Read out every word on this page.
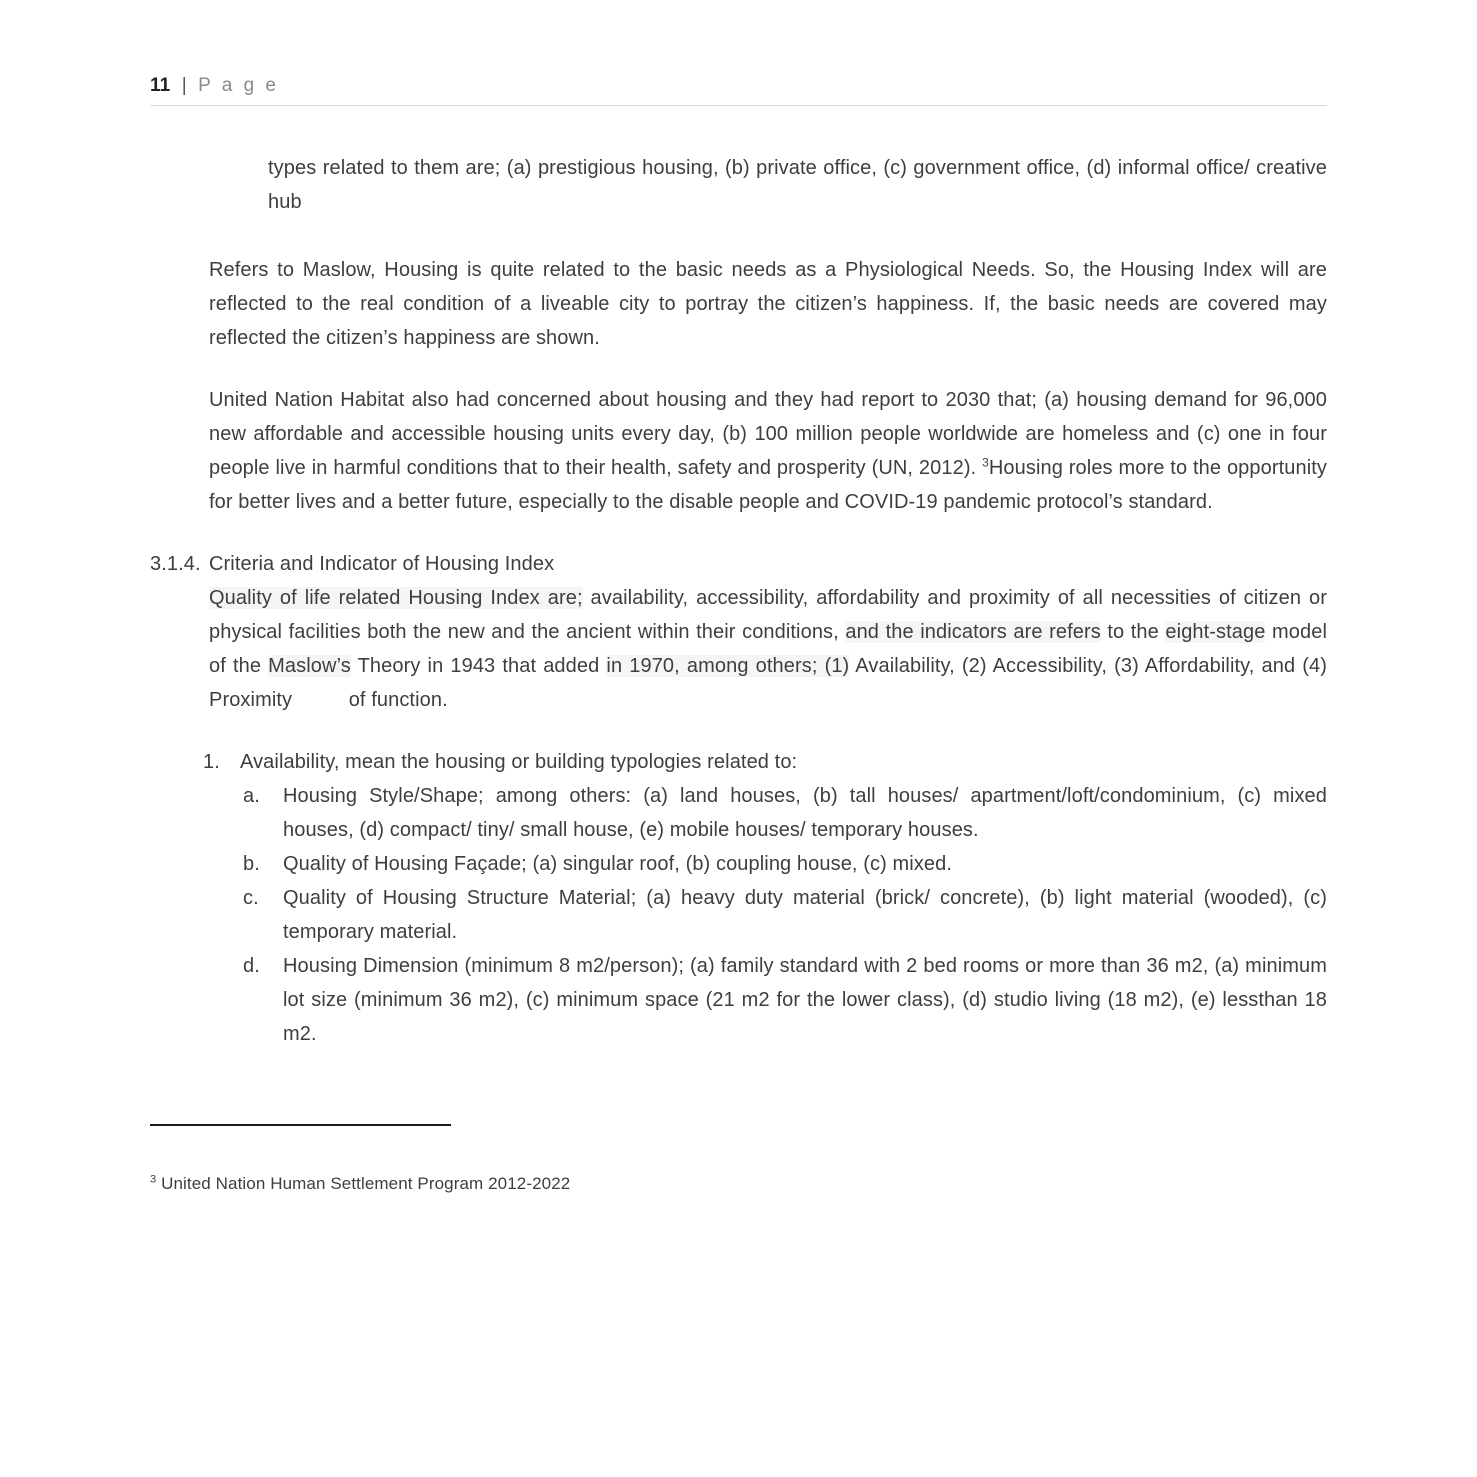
11 | P a g e

types related to them are; (a) prestigious housing, (b) private office, (c) government office, (d) informal office/ creative hub

Refers to Maslow, Housing is quite related to the basic needs as a Physiological Needs. So, the Housing Index will are reflected to the real condition of a liveable city to portray the citizen’s happiness. If, the basic needs are covered may reflected the citizen’s happiness are shown.

United Nation Habitat also had concerned about housing and they had report to 2030 that; (a) housing demand for 96,000 new affordable and accessible housing units every day, (b) 100 million people worldwide are homeless and (c) one in four people live in harmful conditions that to their health, safety and prosperity (UN, 2012). $^3$Housing roles more to the opportunity for better lives and a better future, especially to the disable people and COVID-19 pandemic protocol’s standard.

3.1.4. Criteria and Indicator of Housing Index

Quality of life related Housing Index are; availability, accessibility, affordability and proximity of all necessities of citizen or physical facilities both the new and the ancient within their conditions, and the indicators are refers to the eight-stage model of the Maslow’s Theory in 1943 that added in 1970, among others; (1) Availability, (2) Accessibility, (3) Affordability, and (4) Proximity          of function.

1.	Availability, mean the housing or building typologies related to:
a.	Housing Style/Shape; among others: (a) land houses, (b) tall houses/ apartment/loft/condominium, (c) mixed houses, (d) compact/ tiny/ small house, (e) mobile houses/ temporary houses.
b.	Quality of Housing Façade; (a) singular roof, (b) coupling house, (c) mixed.
c.	Quality of Housing Structure Material; (a) heavy duty material (brick/ concrete), (b) light material (wooded), (c) temporary material.
d.	Housing Dimension (minimum 8 m2/person); (a) family standard with 2 bed rooms or more than 36 m2, (a) minimum lot size (minimum 36 m2), (c) minimum space (21 m2 for the lower class), (d) studio living (18 m2), (e) lessthan 18 m2.
$^3$ United Nation Human Settlement Program 2012-2022
